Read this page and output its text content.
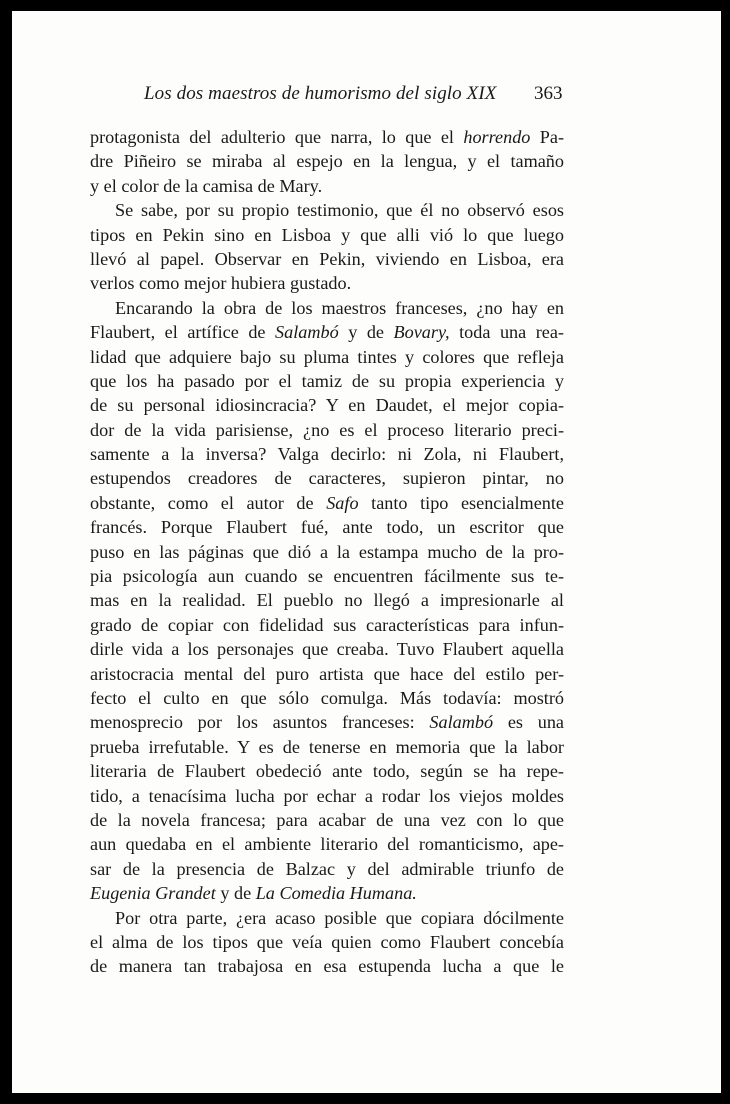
Los dos maestros de humorismo del siglo XIX 363
protagonista del adulterio que narra, lo que el horrendo Pa-
dre Piñeiro se miraba al espejo en la lengua, y el tamaño
y el color de la camisa de Mary.
Se sabe, por su propio testimonio, que él no observó esos
tipos en Pekin sino en Lisboa y que alli vió lo que luego
llevó al papel. Observar en Pekin, viviendo en Lisboa, era
verlos como mejor hubiera gustado.
Encarando la obra de los maestros franceses, ¿no hay en
Flaubert, el artífice de Salambó y de Bovary, toda una rea-
lidad que adquiere bajo su pluma tintes y colores que refleja
que los ha pasado por el tamiz de su propia experiencia y
de su personal idiosincracia? Y en Daudet, el mejor copia-
dor de la vida parisiense, ¿no es el proceso literario preci-
samente a la inversa? Valga decirlo: ni Zola, ni Flaubert,
estupendos creadores de caracteres, supieron pintar, no
obstante, como el autor de Safo tanto tipo esencialmente
francés. Porque Flaubert fué, ante todo, un escritor que
puso en las páginas que dió a la estampa mucho de la pro-
pia psicología aun cuando se encuentren fácilmente sus te-
mas en la realidad. El pueblo no llegó a impresionarle al
grado de copiar con fidelidad sus características para infun-
dirle vida a los personajes que creaba. Tuvo Flaubert aquella
aristocracia mental del puro artista que hace del estilo per-
fecto el culto en que sólo comulga. Más todavía: mostró
menosprecio por los asuntos franceses: Salambó es una
prueba irrefutable. Y es de tenerse en memoria que la labor
literaria de Flaubert obedeció ante todo, según se ha repe-
tido, a tenacísima lucha por echar a rodar los viejos moldes
de la novela francesa; para acabar de una vez con lo que
aun quedaba en el ambiente literario del romanticismo, ape-
sar de la presencia de Balzac y del admirable triunfo de
Eugenia Grandet y de La Comedia Humana.
Por otra parte, ¿era acaso posible que copiara dócilmente
el alma de los tipos que veía quien como Flaubert concebía
de manera tan trabajosa en esa estupenda lucha a que le
